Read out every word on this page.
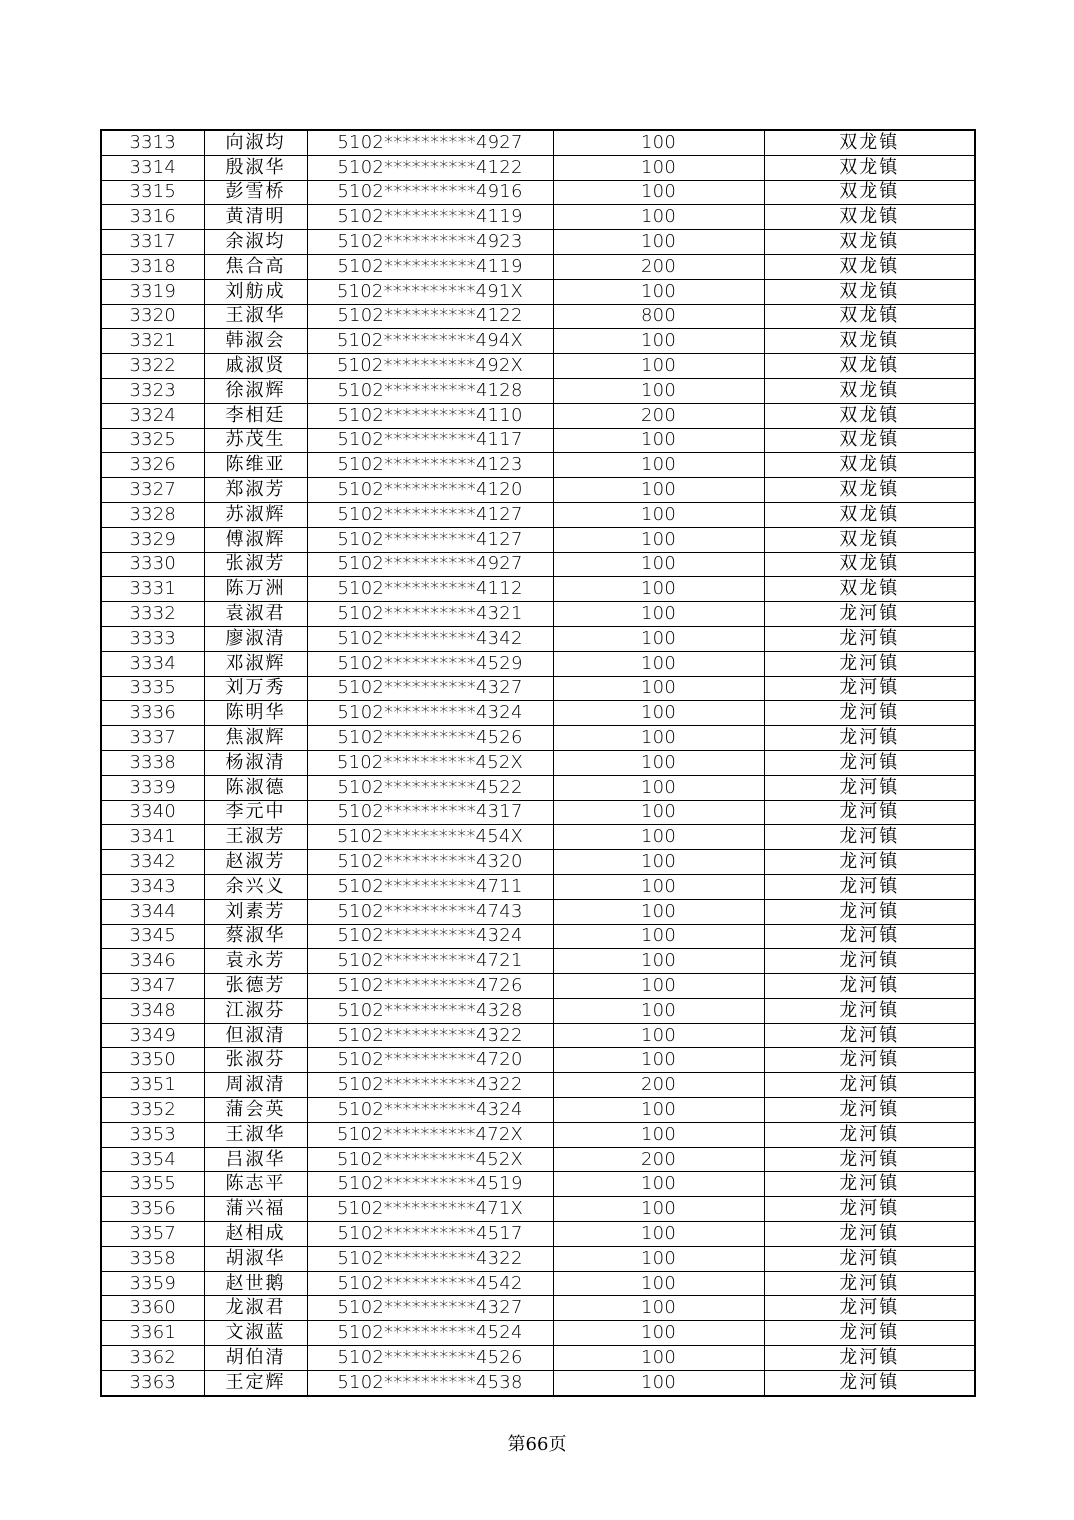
3313	向淑均	5102**********4927	100	双龙镇
3314	殷淑华	5102**********4122	100	双龙镇
3315	彭雪桥	5102**********4916	100	双龙镇
3316	黄清明	5102**********4119	100	双龙镇
3317	余淑均	5102**********4923	100	双龙镇
3318	焦合高	5102**********4119	200	双龙镇
3319	刘舫成	5102**********491X	100	双龙镇
3320	王淑华	5102**********4122	800	双龙镇
3321	韩淑会	5102**********494X	100	双龙镇
3322	戚淑贤	5102**********492X	100	双龙镇
3323	徐淑辉	5102**********4128	100	双龙镇
3324	李相廷	5102**********4110	200	双龙镇
3325	苏茂生	5102**********4117	100	双龙镇
3326	陈维亚	5102**********4123	100	双龙镇
3327	郑淑芳	5102**********4120	100	双龙镇
3328	苏淑辉	5102**********4127	100	双龙镇
3329	傅淑辉	5102**********4127	100	双龙镇
3330	张淑芳	5102**********4927	100	双龙镇
3331	陈万洲	5102**********4112	100	双龙镇
3332	袁淑君	5102**********4321	100	龙河镇
3333	廖淑清	5102**********4342	100	龙河镇
3334	邓淑辉	5102**********4529	100	龙河镇
3335	刘万秀	5102**********4327	100	龙河镇
3336	陈明华	5102**********4324	100	龙河镇
3337	焦淑辉	5102**********4526	100	龙河镇
3338	杨淑清	5102**********452X	100	龙河镇
3339	陈淑德	5102**********4522	100	龙河镇
3340	李元中	5102**********4317	100	龙河镇
3341	王淑芳	5102**********454X	100	龙河镇
3342	赵淑芳	5102**********4320	100	龙河镇
3343	余兴义	5102**********4711	100	龙河镇
3344	刘素芳	5102**********4743	100	龙河镇
3345	蔡淑华	5102**********4324	100	龙河镇
3346	袁永芳	5102**********4721	100	龙河镇
3347	张德芳	5102**********4726	100	龙河镇
3348	江淑芬	5102**********4328	100	龙河镇
3349	但淑清	5102**********4322	100	龙河镇
3350	张淑芬	5102**********4720	100	龙河镇
3351	周淑清	5102**********4322	200	龙河镇
3352	蒲会英	5102**********4324	100	龙河镇
3353	王淑华	5102**********472X	100	龙河镇
3354	吕淑华	5102**********452X	200	龙河镇
3355	陈志平	5102**********4519	100	龙河镇
3356	蒲兴福	5102**********471X	100	龙河镇
3357	赵相成	5102**********4517	100	龙河镇
3358	胡淑华	5102**********4322	100	龙河镇
3359	赵世鹅	5102**********4542	100	龙河镇
3360	龙淑君	5102**********4327	100	龙河镇
3361	文淑蓝	5102**********4524	100	龙河镇
3362	胡伯清	5102**********4526	100	龙河镇
3363	王定辉	5102**********4538	100	龙河镇
第66页
